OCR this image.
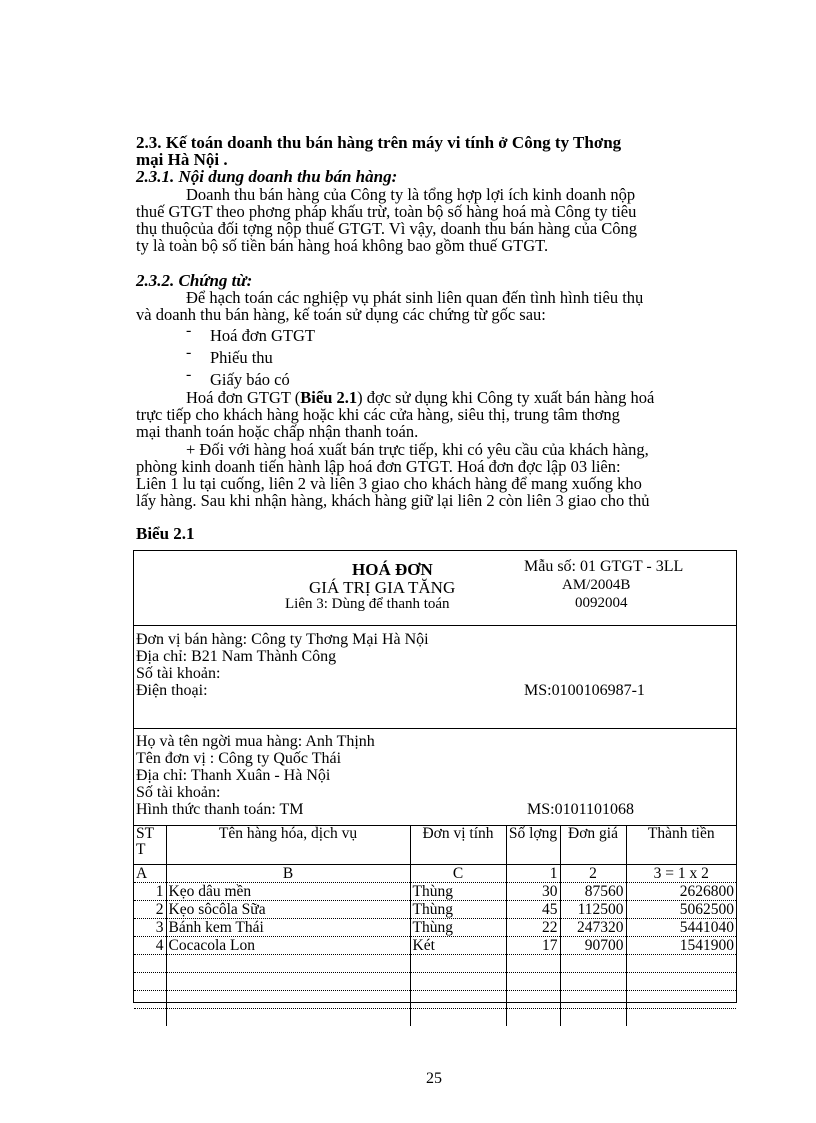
2.3. Kế toán doanh thu bán hàng trên máy vi tính ở Công ty Thơng
mại Hà Nội .
2.3.1. Nội dung doanh thu bán hàng:
Doanh thu bán hàng của Công ty là tổng hợp lợi ích kinh doanh nộp
thuế GTGT theo phơng pháp khấu trừ, toàn bộ số hàng hoá mà Công ty tiêu
thụ thuộcủa đối tợng nộp thuế GTGT. Vì vậy, doanh thu bán hàng của Công
ty là toàn bộ số tiền bán hàng hoá không bao gồm thuế GTGT.
2.3.2. Chứng từ:
Để hạch toán các nghiệp vụ phát sinh liên quan đến tình hình tiêu thụ
và doanh thu bán hàng, kế toán sử dụng các chứng từ gốc sau:
- Hoá đơn GTGT
- Phiếu thu
- Giấy báo có
Hoá đơn GTGT (Biểu 2.1) đợc sử dụng khi Công ty xuất bán hàng hoá
trực tiếp cho khách hàng hoặc khi các cửa hàng, siêu thị, trung tâm thơng
mại thanh toán hoặc chấp nhận thanh toán.
+ Đối với hàng hoá xuất bán trực tiếp, khi có yêu cầu của khách hàng,
phòng kinh doanh tiến hành lập hoá đơn GTGT. Hoá đơn đợc lập 03 liên:
Liên 1 lu tại cuống, liên 2 và liên 3 giao cho khách hàng để mang xuống kho
lấy hàng. Sau khi nhận hàng, khách hàng giữ lại liên 2 còn liên 3 giao cho thủ
Biểu 2.1
HOÁ ĐƠN
GIÁ TRỊ GIA TĂNG
Liên 3: Dùng để thanh toán
Mẫu số: 01 GTGT - 3LL
AM/2004B
0092004
Đơn vị bán hàng: Công ty Thơng Mại Hà Nội
Địa chỉ: B21 Nam Thành Công
Số tài khoản:
Điện thoại:	MS:0100106987-1
Họ và tên ngời mua hàng: Anh Thịnh
Tên đơn vị : Công ty Quốc Thái
Địa chỉ: Thanh Xuân - Hà Nội
Số tài khoản:
Hình thức thanh toán: TM	MS:0101101068
ST T	Tên hàng hóa, dịch vụ	Đơn vị tính	Số lợng	Đơn giá	Thành tiền
A	B	C	1	2	3 = 1 x 2
1	Kẹo dâu mền	Thùng	30	87560	2626800
2	Kẹo sôcôla Sữa	Thùng	45	112500	5062500
3	Bánh kem Thái	Thùng	22	247320	5441040
4	Cocacola Lon	Két	17	90700	1541900

25
